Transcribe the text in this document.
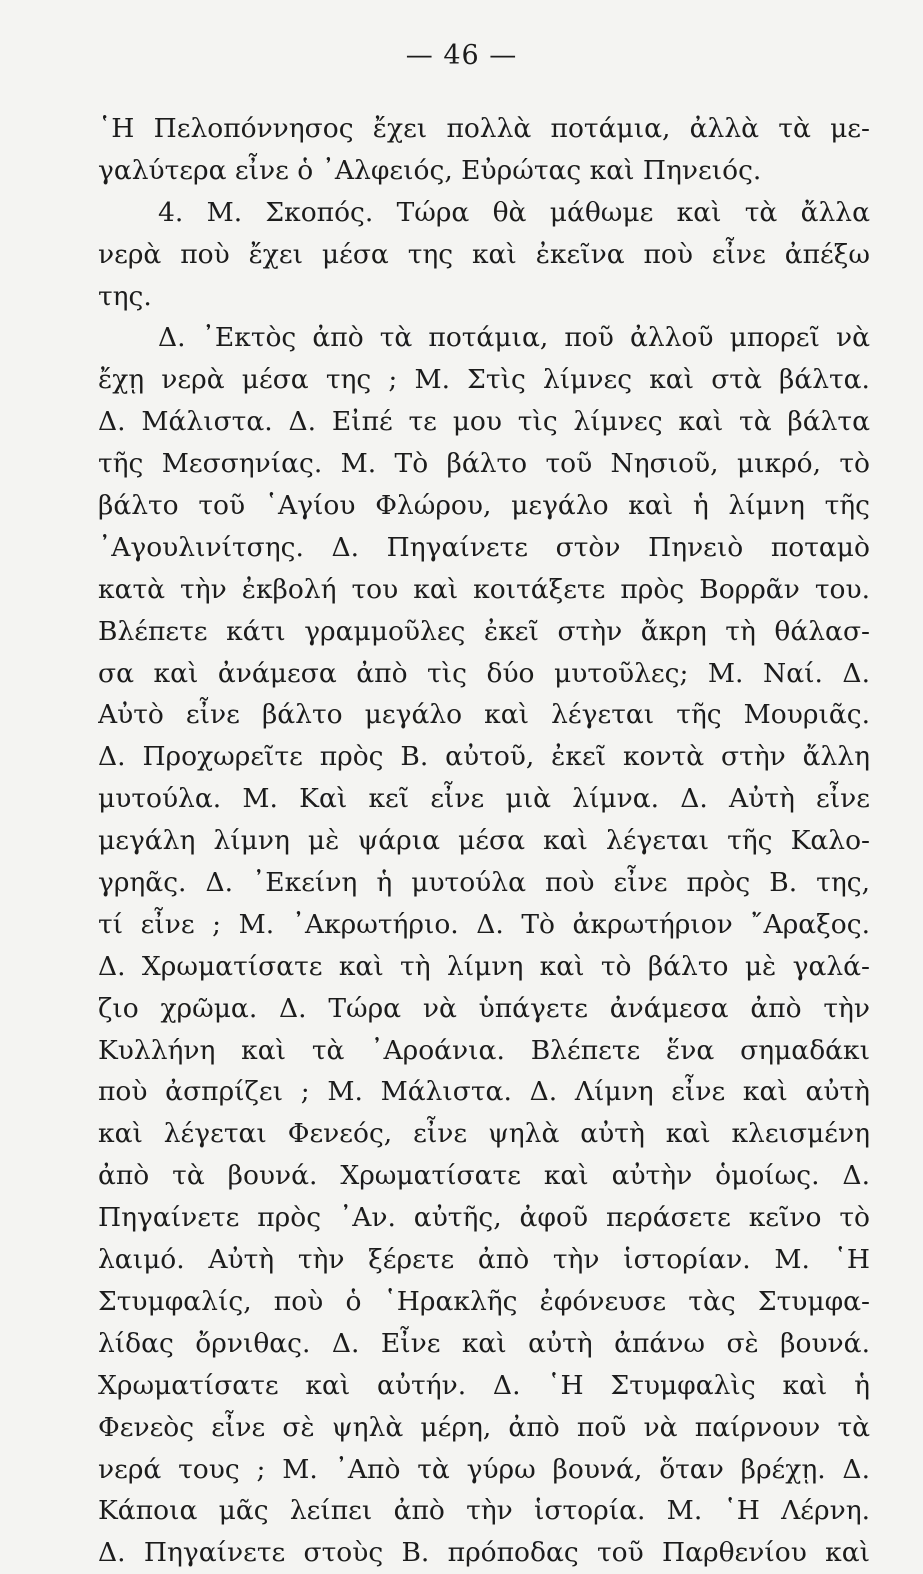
— 46 —
῾Η Πελοπόννησος ἔχει πολλὰ ποτάμια, ἀλλὰ τὰ με-
γαλύτερα εἶνε ὁ ᾿Αλφειός, Εὐρώτας καὶ Πηνειός.
4. Μ. Σκοπός. Τώρα θὰ μάθωμε καὶ τὰ ἄλλα
νερὰ ποὺ ἔχει μέσα της καὶ ἐκεῖνα ποὺ εἶνε ἀπέξω
της.
Δ. ᾿Εκτὸς ἀπὸ τὰ ποτάμια, ποῦ ἀλλοῦ μπορεῖ νὰ
ἔχῃ νερὰ μέσα της ; Μ. Στὶς λίμνες καὶ στὰ βάλτα.
Δ. Μάλιστα. Δ. Εἰπέ τε μου τὶς λίμνες καὶ τὰ βάλτα
τῆς Μεσσηνίας. Μ. Τὸ βάλτο τοῦ Νησιοῦ, μικρό, τὸ
βάλτο τοῦ ῾Αγίου Φλώρου, μεγάλο καὶ ἡ λίμνη τῆς
᾿Αγουλινίτσης. Δ. Πηγαίνετε στὸν Πηνειὸ ποταμὸ
κατὰ τὴν ἐκβολή του καὶ κοιτάξετε πρὸς Βορρᾶν του.
Βλέπετε κάτι γραμμοῦλες ἐκεῖ στὴν ἄκρη τὴ θάλασ-
σα καὶ ἀνάμεσα ἀπὸ τὶς δύο μυτοῦλες; Μ. Ναί. Δ.
Αὐτὸ εἶνε βάλτο μεγάλο καὶ λέγεται τῆς Μουριᾶς.
Δ. Προχωρεῖτε πρὸς Β. αὐτοῦ, ἐκεῖ κοντὰ στὴν ἄλλη
μυτούλα. Μ. Καὶ κεῖ εἶνε μιὰ λίμνα. Δ. Αὐτὴ εἶνε
μεγάλη λίμνη μὲ ψάρια μέσα καὶ λέγεται τῆς Καλο-
γρηᾶς. Δ. ᾿Εκείνη ἡ μυτούλα ποὺ εἶνε πρὸς Β. της,
τί εἶνε ; Μ. ᾿Ακρωτήριο. Δ. Τὸ ἀκρωτήριον ῎Αραξος.
Δ. Χρωματίσατε καὶ τὴ λίμνη καὶ τὸ βάλτο μὲ γαλά-
ζιο χρῶμα. Δ. Τώρα νὰ ὑπάγετε ἀνάμεσα ἀπὸ τὴν
Κυλλήνη καὶ τὰ ᾿Αροάνια. Βλέπετε ἕνα σημαδάκι
ποὺ ἀσπρίζει ; Μ. Μάλιστα. Δ. Λίμνη εἶνε καὶ αὐτὴ
καὶ λέγεται Φενεός, εἶνε ψηλὰ αὐτὴ καὶ κλεισμένη
ἀπὸ τὰ βουνά. Χρωματίσατε καὶ αὐτὴν ὁμοίως. Δ.
Πηγαίνετε πρὸς ᾿Αν. αὐτῆς, ἀφοῦ περάσετε κεῖνο τὸ
λαιμό. Αὐτὴ τὴν ξέρετε ἀπὸ τὴν ἱστορίαν. Μ. ῾Η
Στυμφαλίς, ποὺ ὁ ῾Ηρακλῆς ἐφόνευσε τὰς Στυμφα-
λίδας ὄρνιθας. Δ. Εἶνε καὶ αὐτὴ ἀπάνω σὲ βουνά.
Χρωματίσατε καὶ αὐτήν. Δ. ῾Η Στυμφαλὶς καὶ ἡ
Φενεὸς εἶνε σὲ ψηλὰ μέρη, ἀπὸ ποῦ νὰ παίρνουν τὰ
νερά τους ; Μ. ᾿Απὸ τὰ γύρω βουνά, ὅταν βρέχῃ. Δ.
Κάποια μᾶς λείπει ἀπὸ τὴν ἱστορία. Μ. ῾Η Λέρνη.
Δ. Πηγαίνετε στοὺς Β. πρόποδας τοῦ Παρθενίου καὶ
